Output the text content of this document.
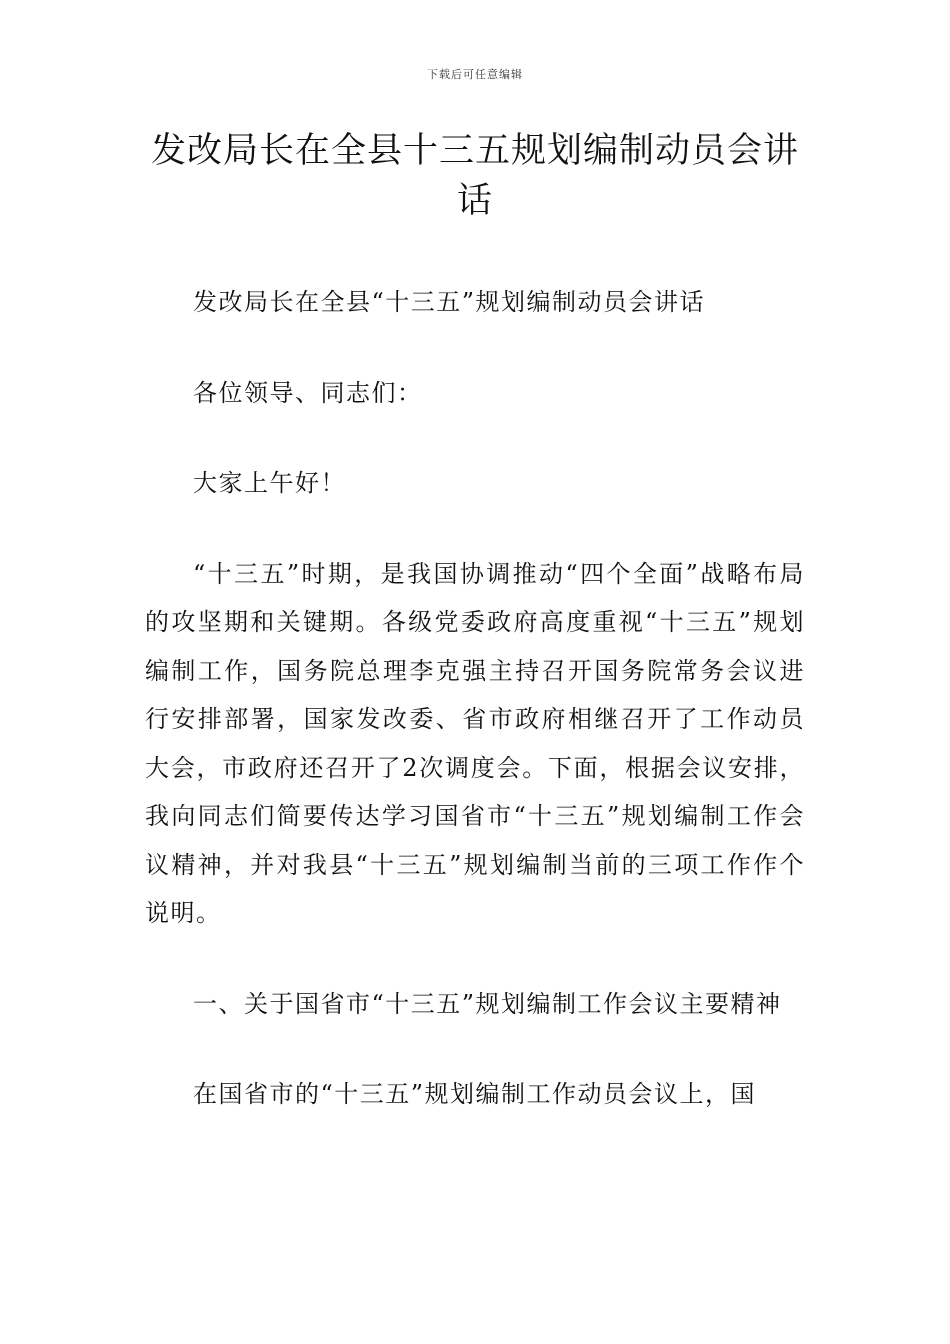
下载后可任意编辑
发改局长在全县十三五规划编制动员会讲话

发改局长在全县“十三五”规划编制动员会讲话

各位领导、同志们：

大家上午好！

“十三五”时期，是我国协调推动“四个全面”战略布局的攻坚期和关键期。各级党委政府高度重视“十三五”规划编制工作，国务院总理李克强主持召开国务院常务会议进行安排部署，国家发改委、省市政府相继召开了工作动员大会，市政府还召开了2次调度会。下面，根据会议安排，我向同志们简要传达学习国省市“十三五”规划编制工作会议精神，并对我县“十三五”规划编制当前的三项工作作个说明。

一、关于国省市“十三五”规划编制工作会议主要精神

在国省市的“十三五”规划编制工作动员会议上，国
